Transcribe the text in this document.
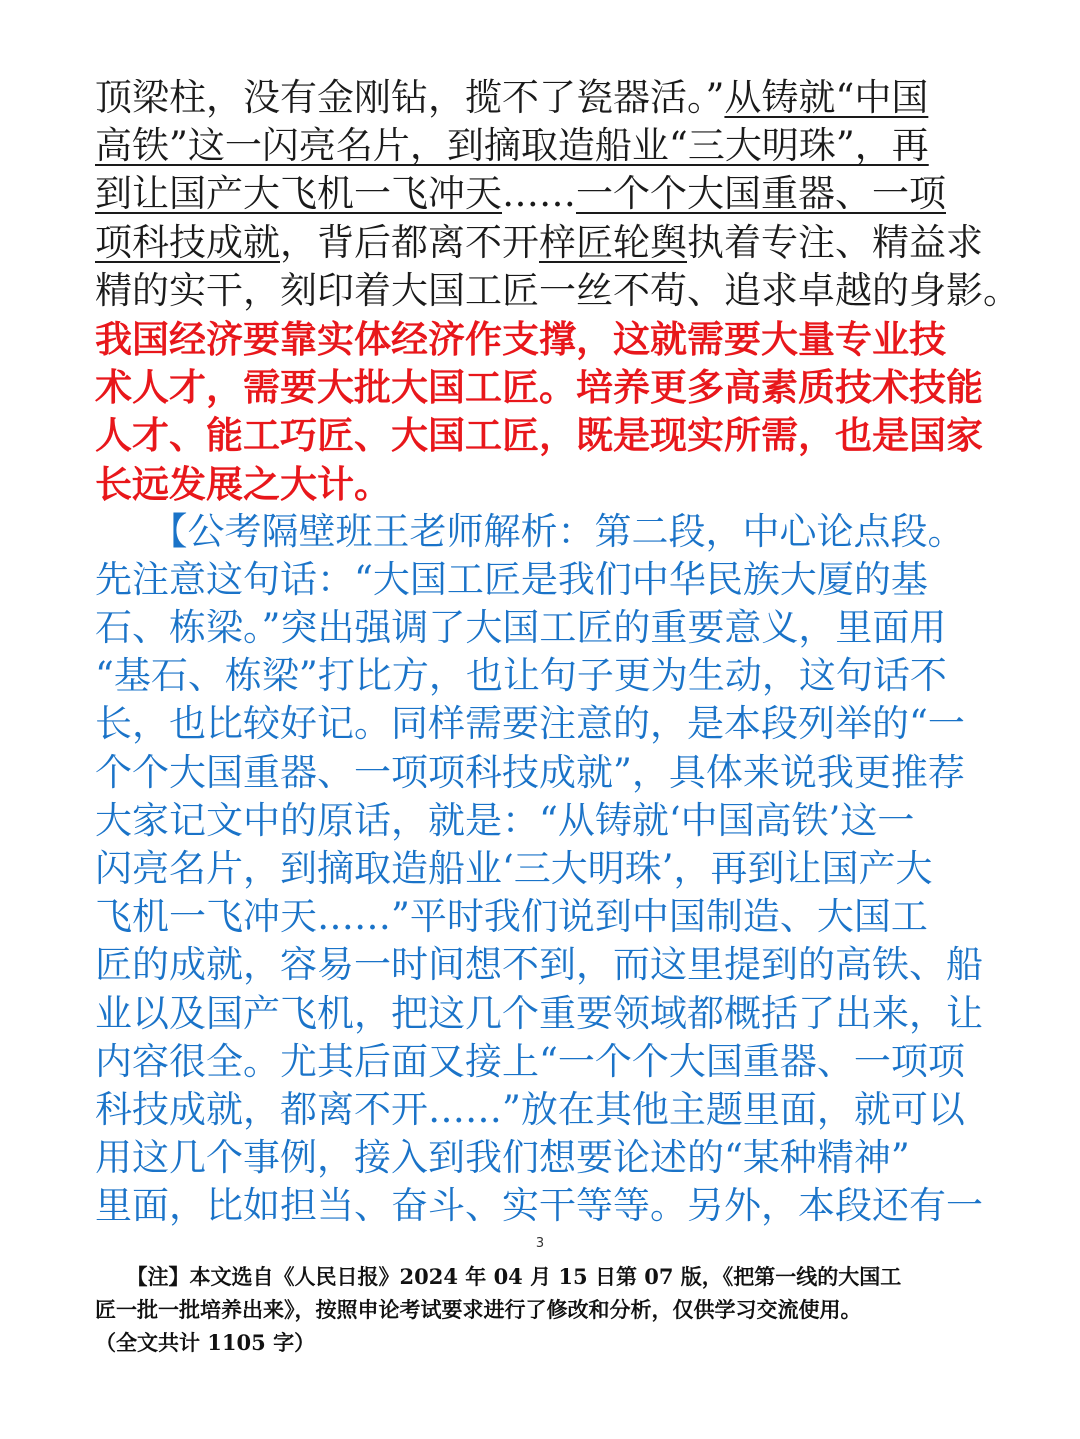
顶梁柱，没有金刚钻，揽不了瓷器活。”从铸就“中国
高铁”这一闪亮名片，到摘取造船业“三大明珠”，再
到让国产大飞机一飞冲天……一个个大国重器、一项
项科技成就，背后都离不开梓匠轮舆执着专注、精益求
精的实干，刻印着大国工匠一丝不苟、追求卓越的身影。
我国经济要靠实体经济作支撑，这就需要大量专业技
术人才，需要大批大国工匠。培养更多高素质技术技能
人才、能工巧匠、大国工匠，既是现实所需，也是国家
长远发展之大计。
　　【公考隔壁班王老师解析：第二段，中心论点段。
先注意这句话：“大国工匠是我们中华民族大厦的基
石、栋梁。”突出强调了大国工匠的重要意义，里面用
“基石、栋梁”打比方，也让句子更为生动，这句话不
长，也比较好记。同样需要注意的，是本段列举的“一
个个大国重器、一项项科技成就”，具体来说我更推荐
大家记文中的原话，就是：“从铸就‘中国高铁’这一
闪亮名片，到摘取造船业‘三大明珠’，再到让国产大
飞机一飞冲天……”平时我们说到中国制造、大国工
匠的成就，容易一时间想不到，而这里提到的高铁、船
业以及国产飞机，把这几个重要领域都概括了出来，让
内容很全。尤其后面又接上“一个个大国重器、一项项
科技成就，都离不开……”放在其他主题里面，就可以
用这几个事例，接入到我们想要论述的“某种精神”
里面，比如担当、奋斗、实干等等。另外，本段还有一
3
　　【注】本文选自《人民日报》2024 年 04 月 15 日第 07 版，《把第一线的大国工
匠一批一批培养出来》，按照申论考试要求进行了修改和分析，仅供学习交流使用。
（全文共计 1105 字）
